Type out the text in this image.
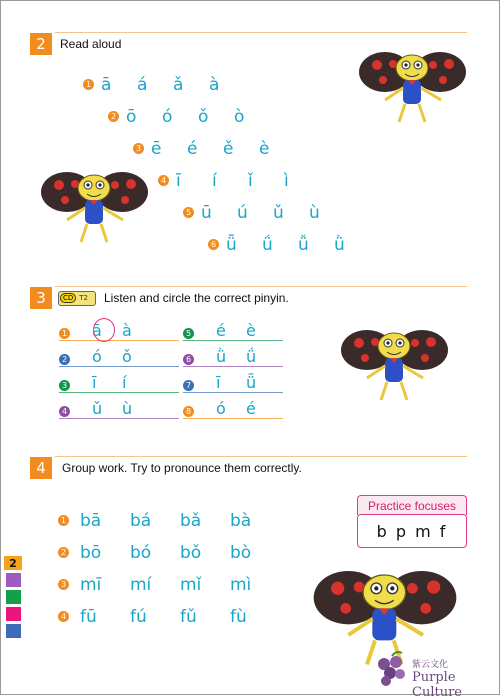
2	Read aloud
1 ā á ǎ à
2 ō ó ǒ ò
3 ē é ě è
4 ī í ǐ ì
5 ū ú ǔ ù
6 ǖ ǘ ǚ ǜ
3	CD T2 Listen and circle the correct pinyin.
1 ā à
2 ó ǒ
3 ī í
4 ǔ ù
5 é è
6 ǜ ǘ
7 ī ǖ
8 ó é
4	Group work. Try to pronounce them correctly.
1 bā bá bǎ bà
2 bō bó bǒ bò
3 mī mí mǐ mì
4 fū fú fǔ fù
Practice focuses
b p m f
2
紫云文化
Purple Culture
